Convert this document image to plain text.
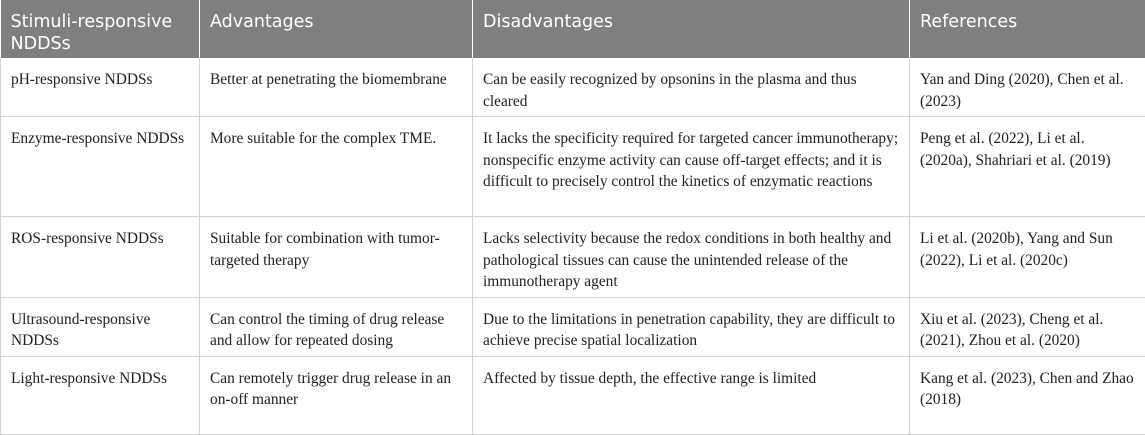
Stimuli-responsive NDDSs	Advantages	Disadvantages	References
pH-responsive NDDSs	Better at penetrating the biomembrane	Can be easily recognized by opsonins in the plasma and thus cleared	Yan and Ding (2020), Chen et al. (2023)
Enzyme-responsive NDDSs	More suitable for the complex TME.	It lacks the specificity required for targeted cancer immunotherapy; nonspecific enzyme activity can cause off-target effects; and it is difficult to precisely control the kinetics of enzymatic reactions	Peng et al. (2022), Li et al. (2020a), Shahriari et al. (2019)
ROS-responsive NDDSs	Suitable for combination with tumor-targeted therapy	Lacks selectivity because the redox conditions in both healthy and pathological tissues can cause the unintended release of the immunotherapy agent	Li et al. (2020b), Yang and Sun (2022), Li et al. (2020c)
Ultrasound-responsive NDDSs	Can control the timing of drug release and allow for repeated dosing	Due to the limitations in penetration capability, they are difficult to achieve precise spatial localization	Xiu et al. (2023), Cheng et al. (2021), Zhou et al. (2020)
Light-responsive NDDSs	Can remotely trigger drug release in an on-off manner	Affected by tissue depth, the effective range is limited	Kang et al. (2023), Chen and Zhao (2018)
